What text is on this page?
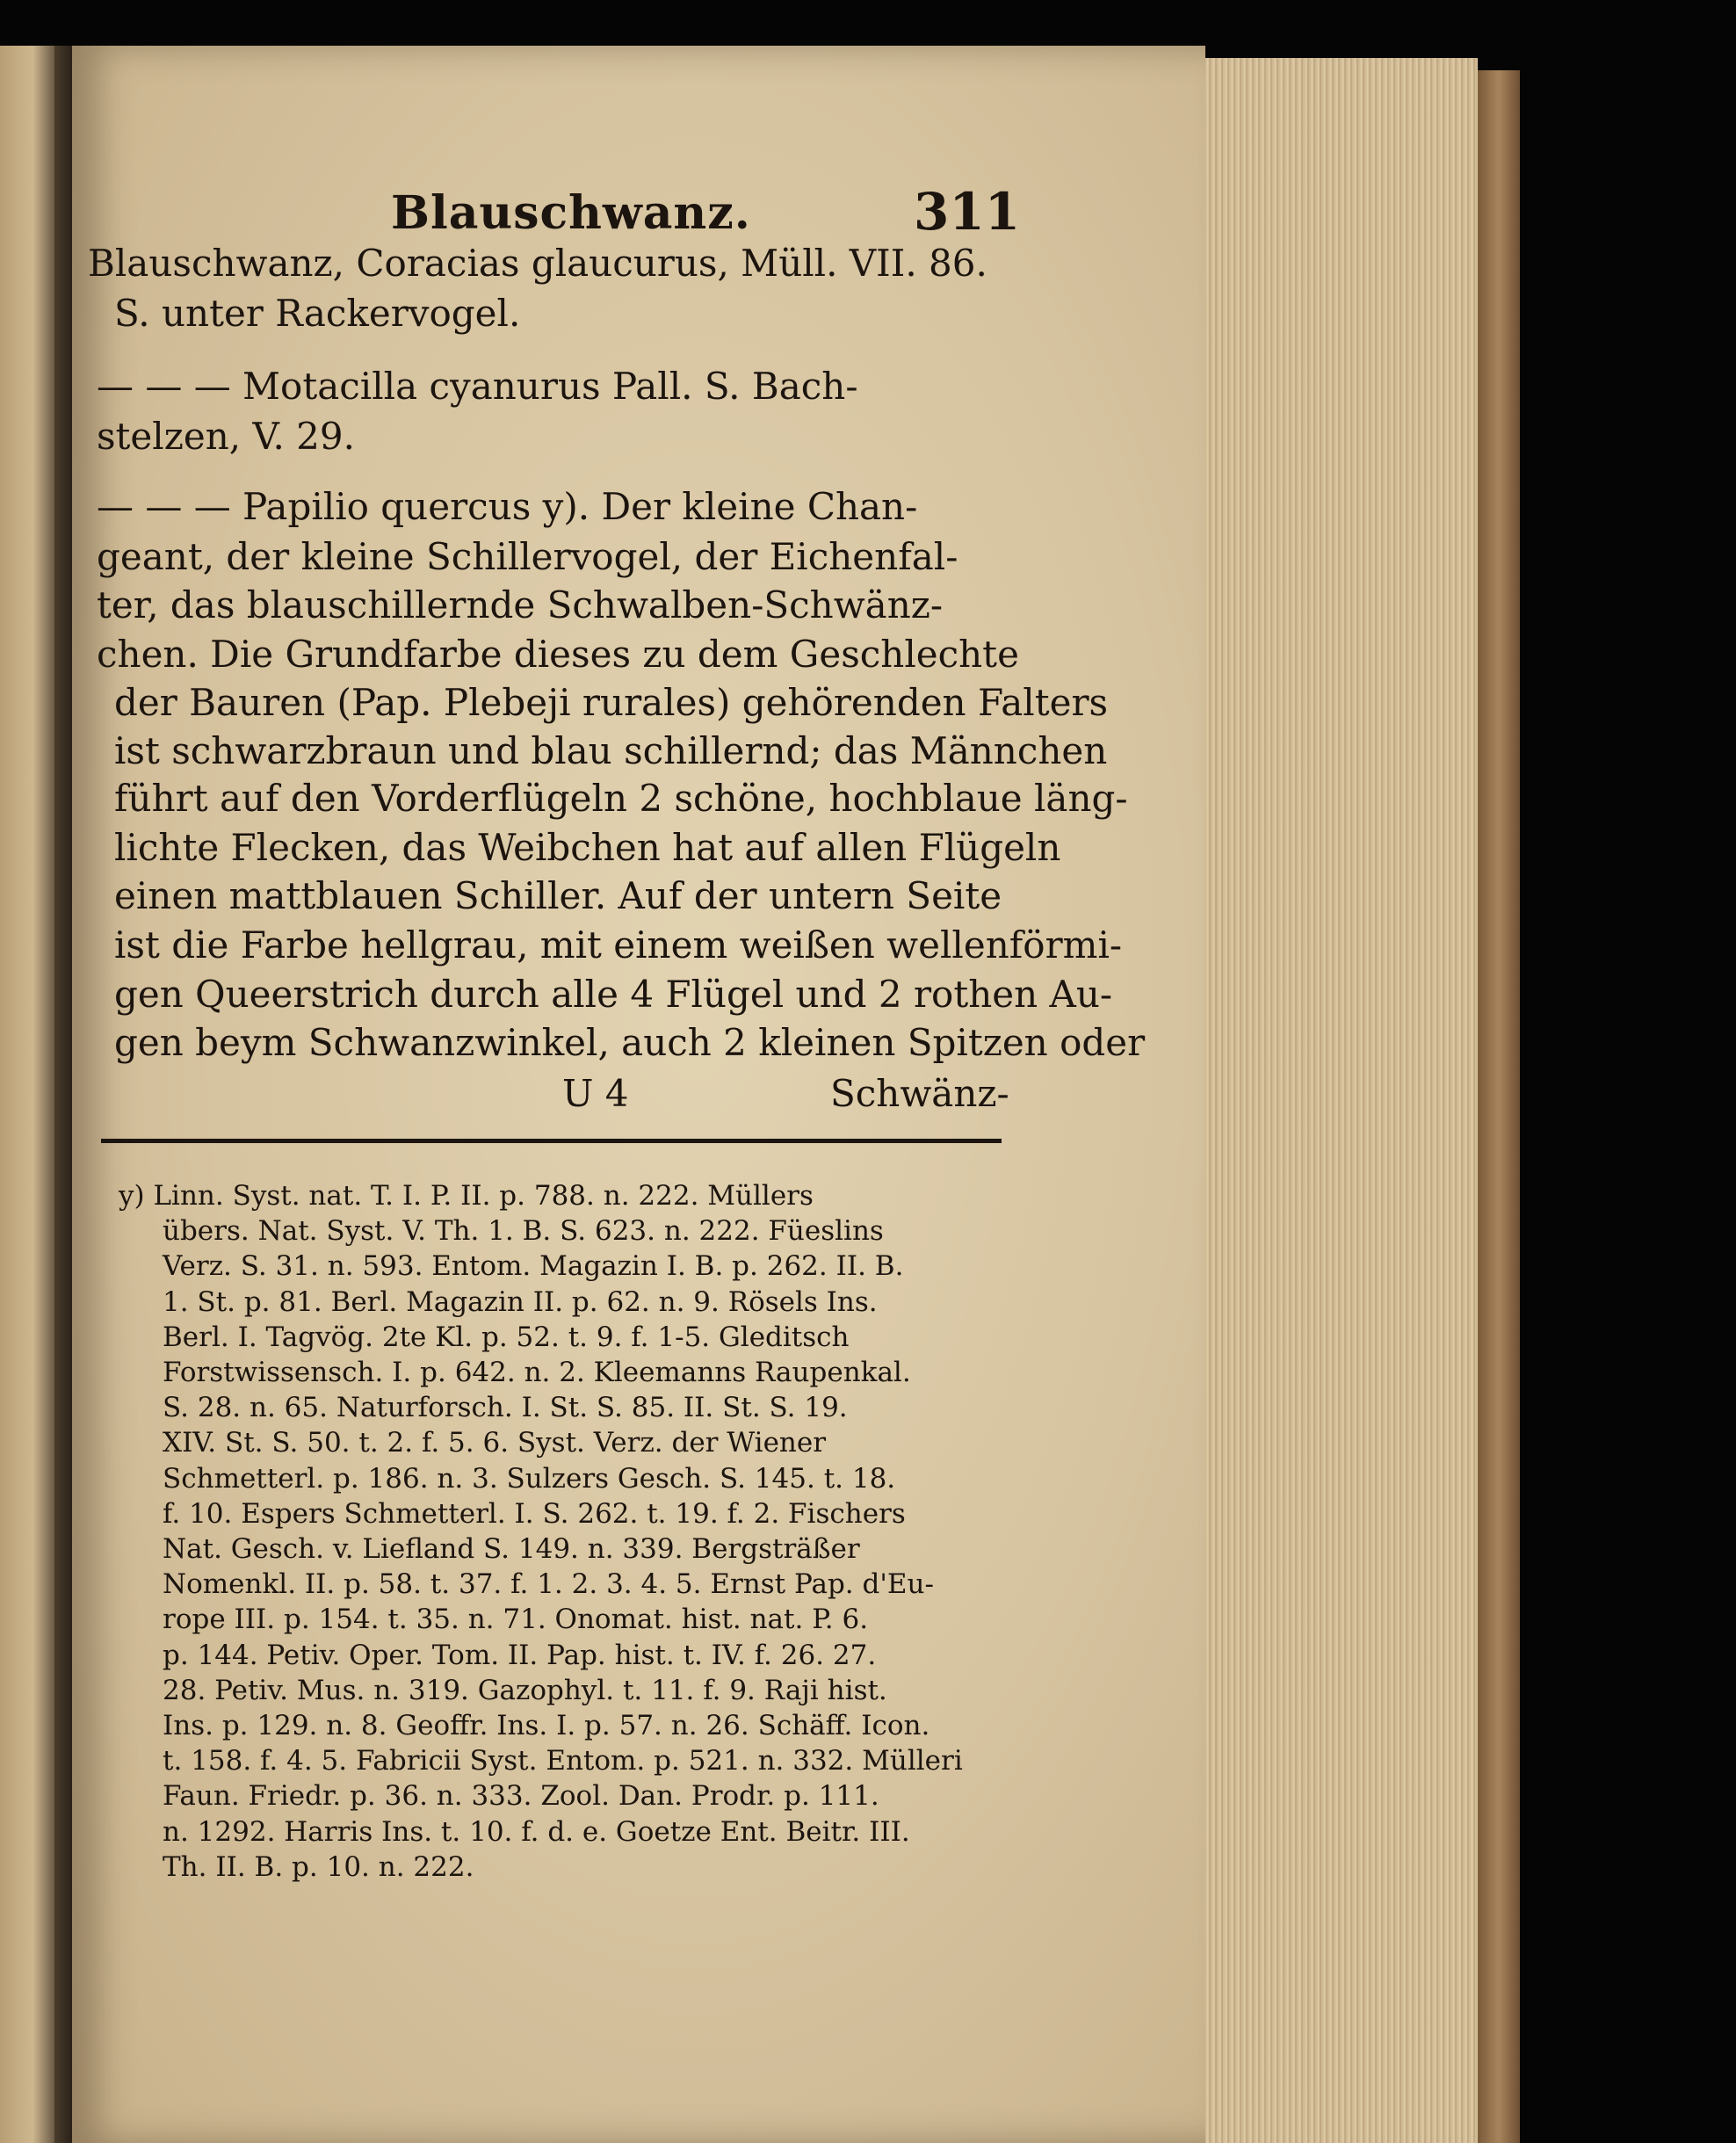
Blauschwanz.	311
Blauschwanz, Coracias glaucurus, Müll. VII. 86.
S. unter Rackervogel.
— — — Motacilla cyanurus Pall. S. Bach-
stelzen, V. 29.
— — — Papilio quercus y). Der kleine Chan-
geant, der kleine Schillervogel, der Eichenfal-
ter, das blauschillernde Schwalben-Schwänz-
chen. Die Grundfarbe dieses zu dem Geschlechte
der Bauren (Pap. Plebeji rurales) gehörenden Falters
ist schwarzbraun und blau schillernd; das Männchen
führt auf den Vorderflügeln 2 schöne, hochblaue läng-
lichte Flecken, das Weibchen hat auf allen Flügeln
einen mattblauen Schiller. Auf der untern Seite
ist die Farbe hellgrau, mit einem weißen wellenförmi-
gen Queerstrich durch alle 4 Flügel und 2 rothen Au-
gen beym Schwanzwinkel, auch 2 kleinen Spitzen oder
U 4	Schwänz-
y) Linn. Syst. nat. T. I. P. II. p. 788. n. 222. Müllers
übers. Nat. Syst. V. Th. 1. B. S. 623. n. 222. Füeslins
Verz. S. 31. n. 593. Entom. Magazin I. B. p. 262. II. B.
1. St. p. 81. Berl. Magazin II. p. 62. n. 9. Rösels Ins.
Berl. I. Tagvög. 2te Kl. p. 52. t. 9. f. 1-5. Gleditsch
Forstwissensch. I. p. 642. n. 2. Kleemanns Raupenkal.
S. 28. n. 65. Naturforsch. I. St. S. 85. II. St. S. 19.
XIV. St. S. 50. t. 2. f. 5. 6. Syst. Verz. der Wiener
Schmetterl. p. 186. n. 3. Sulzers Gesch. S. 145. t. 18.
f. 10. Espers Schmetterl. I. S. 262. t. 19. f. 2. Fischers
Nat. Gesch. v. Liefland S. 149. n. 339. Bergsträßer
Nomenkl. II. p. 58. t. 37. f. 1. 2. 3. 4. 5. Ernst Pap. d'Eu-
rope III. p. 154. t. 35. n. 71. Onomat. hist. nat. P. 6.
p. 144. Petiv. Oper. Tom. II. Pap. hist. t. IV. f. 26. 27.
28. Petiv. Mus. n. 319. Gazophyl. t. 11. f. 9. Raji hist.
Ins. p. 129. n. 8. Geoffr. Ins. I. p. 57. n. 26. Schäff. Icon.
t. 158. f. 4. 5. Fabricii Syst. Entom. p. 521. n. 332. Mülleri
Faun. Friedr. p. 36. n. 333. Zool. Dan. Prodr. p. 111.
n. 1292. Harris Ins. t. 10. f. d. e. Goetze Ent. Beitr. III.
Th. II. B. p. 10. n. 222.
